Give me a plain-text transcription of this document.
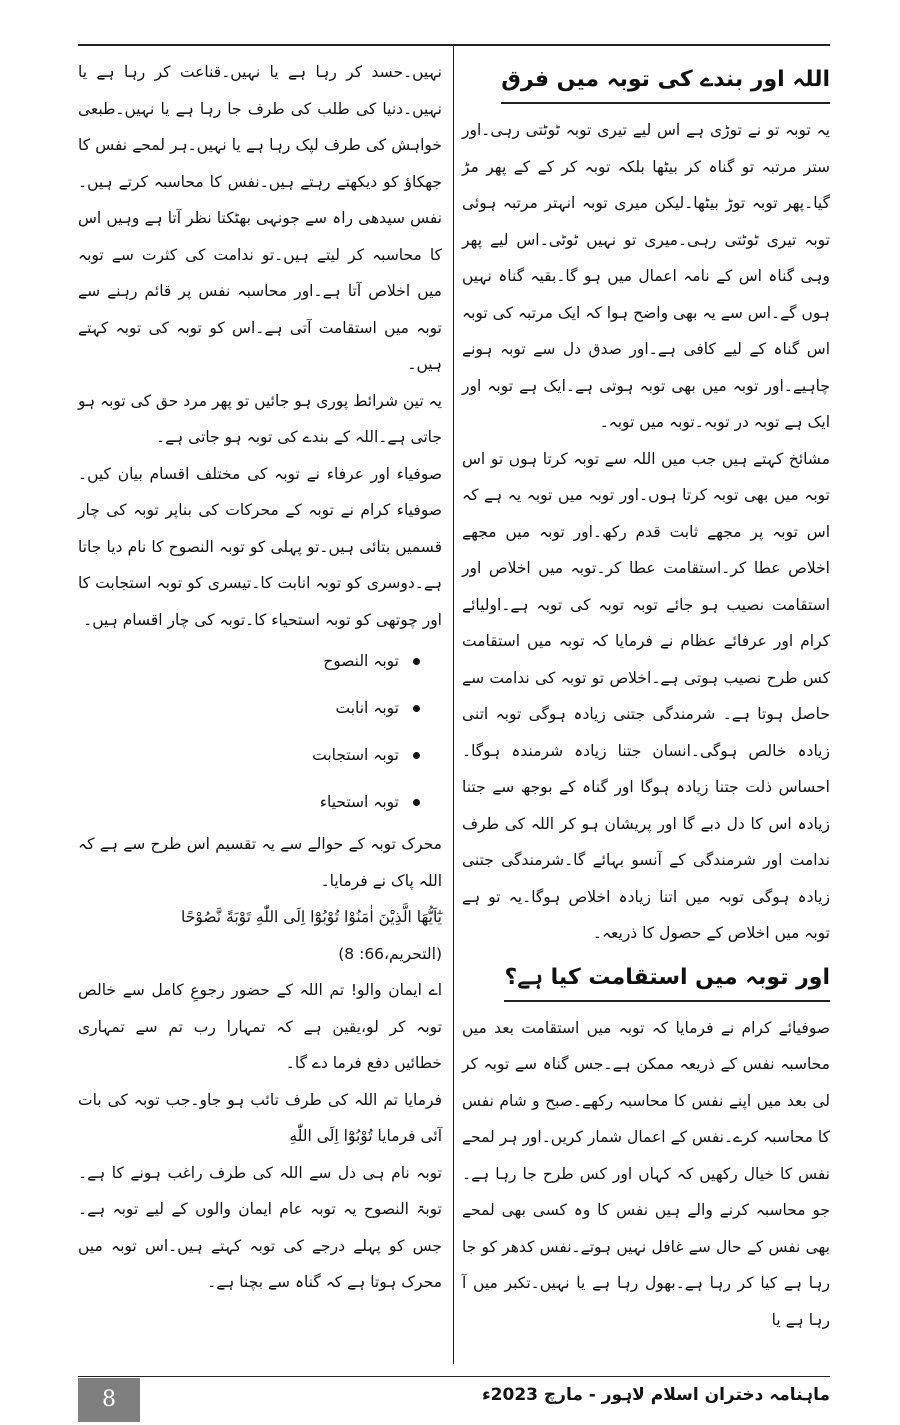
نہیں۔حسد کر رہا ہے یا نہیں۔قناعت کر رہا ہے یا نہیں۔دنیا کی طلب کی طرف جا رہا ہے یا نہیں۔طبعی خواہش کی طرف لپک رہا ہے یا نہیں۔ہر لمحے نفس کا جھکاؤ کو دیکھتے رہتے ہیں۔نفس کا محاسبہ کرتے ہیں۔نفس سیدھی راہ سے جونہی بھٹکتا نظر آتا ہے وہیں اس کا محاسبہ کر لیتے ہیں۔تو ندامت کی کثرت سے توبہ میں اخلاص آتا ہے۔اور محاسبہ نفس پر قائم رہنے سے توبہ میں استقامت آتی ہے۔اس کو توبہ کی توبہ کہتے ہیں۔

یہ تین شرائط پوری ہو جائیں تو پھر مرد حق کی توبہ ہو جاتی ہے۔اللہ کے بندے کی توبہ ہو جاتی ہے۔

صوفیاء اور عرفاء نے توبہ کی مختلف اقسام بیان کیں۔صوفیاء کرام نے توبہ کے محرکات کی بناپر توبہ کی چار قسمیں بتائی ہیں۔تو پہلی کو توبہ النصوح کا نام دیا جاتا ہے۔دوسری کو توبہ انابت کا۔تیسری کو توبہ استجابت کا اور چوتھی کو توبہ استحیاء کا۔توبہ کی چار اقسام ہیں۔

توبہ النصوح
توبہ انابت
توبہ استجابت
توبہ استحیاء

محرک توبہ کے حوالے سے یہ تقسیم اس طرح سے ہے کہ اللہ پاک نے فرمایا۔

يٰٓاَيُّهَا الَّذِيْنَ اٰمَنُوْا تُوْبُوْٓا اِلَى اللّٰهِ تَوْبَةً نَّصُوْحًا

(التحریم،66: 8)

اے ایمان والو! تم اللہ کے حضور رجوعِ کامل سے خالص توبہ کر لو،یقین ہے کہ تمہارا رب تم سے تمہاری خطائیں دفع فرما دے گا۔

فرمایا تم اللہ کی طرف تائب ہو جاو۔جب توبہ کی بات آئی فرمایا تُوْبُوْٓا اِلَى اللّٰهِ

توبہ نام ہی دل سے اللہ کی طرف راغب ہونے کا ہے۔توبۃ النصوح یہ توبہ عام ایمان والوں کے لیے توبہ ہے۔جس کو پہلے درجے کی توبہ کہتے ہیں۔اس توبہ میں محرک ہوتا ہے کہ گناہ سے بچنا ہے۔

اللہ اور بندے کی توبہ میں فرق

یہ توبہ تو نے توڑی ہے اس لیے تیری توبہ ٹوٹتی رہی۔اور ستر مرتبہ تو گناہ کر بیٹھا بلکہ توبہ کر کے کے پھر مڑ گیا۔پھر توبہ توڑ بیٹھا۔لیکن میری توبہ انہتر مرتبہ ہوئی توبہ تیری ٹوٹتی رہی۔میری تو نہیں ٹوٹی۔اس لیے پھر وہی گناہ اس کے نامہ اعمال میں ہو گا۔بقیہ گناہ نہیں ہوں گے۔اس سے یہ بھی واضح ہوا کہ ایک مرتبہ کی توبہ اس گناہ کے لیے کافی ہے۔اور صدق دل سے توبہ ہونے چاہیے۔اور توبہ میں بھی توبہ ہوتی ہے۔ایک ہے توبہ اور ایک ہے توبہ در توبہ۔توبہ میں توبہ۔

مشائخ کہتے ہیں جب میں اللہ سے توبہ کرتا ہوں تو اس توبہ میں بھی توبہ کرتا ہوں۔اور توبہ میں توبہ یہ ہے کہ اس توبہ پر مجھے ثابت قدم رکھ۔اور توبہ میں مجھے اخلاص عطا کر۔استقامت عطا کر۔توبہ میں اخلاص اور استقامت نصیب ہو جائے توبہ توبہ کی توبہ ہے۔اولیائے کرام اور عرفائے عظام نے فرمایا کہ توبہ میں استقامت کس طرح نصیب ہوتی ہے۔اخلاص تو توبہ کی ندامت سے حاصل ہوتا ہے۔ شرمندگی جتنی زیادہ ہوگی توبہ اتنی زیادہ خالص ہوگی۔انسان جتنا زیادہ شرمندہ ہوگا۔احساس ذلت جتنا زیادہ ہوگا اور گناہ کے بوجھ سے جتنا زیادہ اس کا دل دبے گا اور پریشان ہو کر اللہ کی طرف ندامت اور شرمندگی کے آنسو بہائے گا۔شرمندگی جتنی زیادہ ہوگی توبہ میں اتنا زیادہ اخلاص ہوگا۔یہ تو ہے توبہ میں اخلاص کے حصول کا ذریعہ۔

اور توبہ میں استقامت کیا ہے؟

صوفیائے کرام نے فرمایا کہ توبہ میں استقامت بعد میں محاسبہ نفس کے ذریعہ ممکن ہے۔جس گناہ سے توبہ کر لی بعد میں اپنے نفس کا محاسبہ رکھے۔صبح و شام نفس کا محاسبہ کرے۔نفس کے اعمال شمار کریں۔اور ہر لمحے نفس کا خیال رکھیں کہ کہاں اور کس طرح جا رہا ہے۔جو محاسبہ کرنے والے ہیں نفس کا وہ کسی بھی لمحے بھی نفس کے حال سے غافل نہیں ہوتے۔نفس کدھر کو جا رہا ہے کیا کر رہا ہے۔بھول رہا ہے یا نہیں۔تکبر میں آ رہا ہے یا

8	ماہنامہ دختران اسلام لاہور - مارچ 2023ء
